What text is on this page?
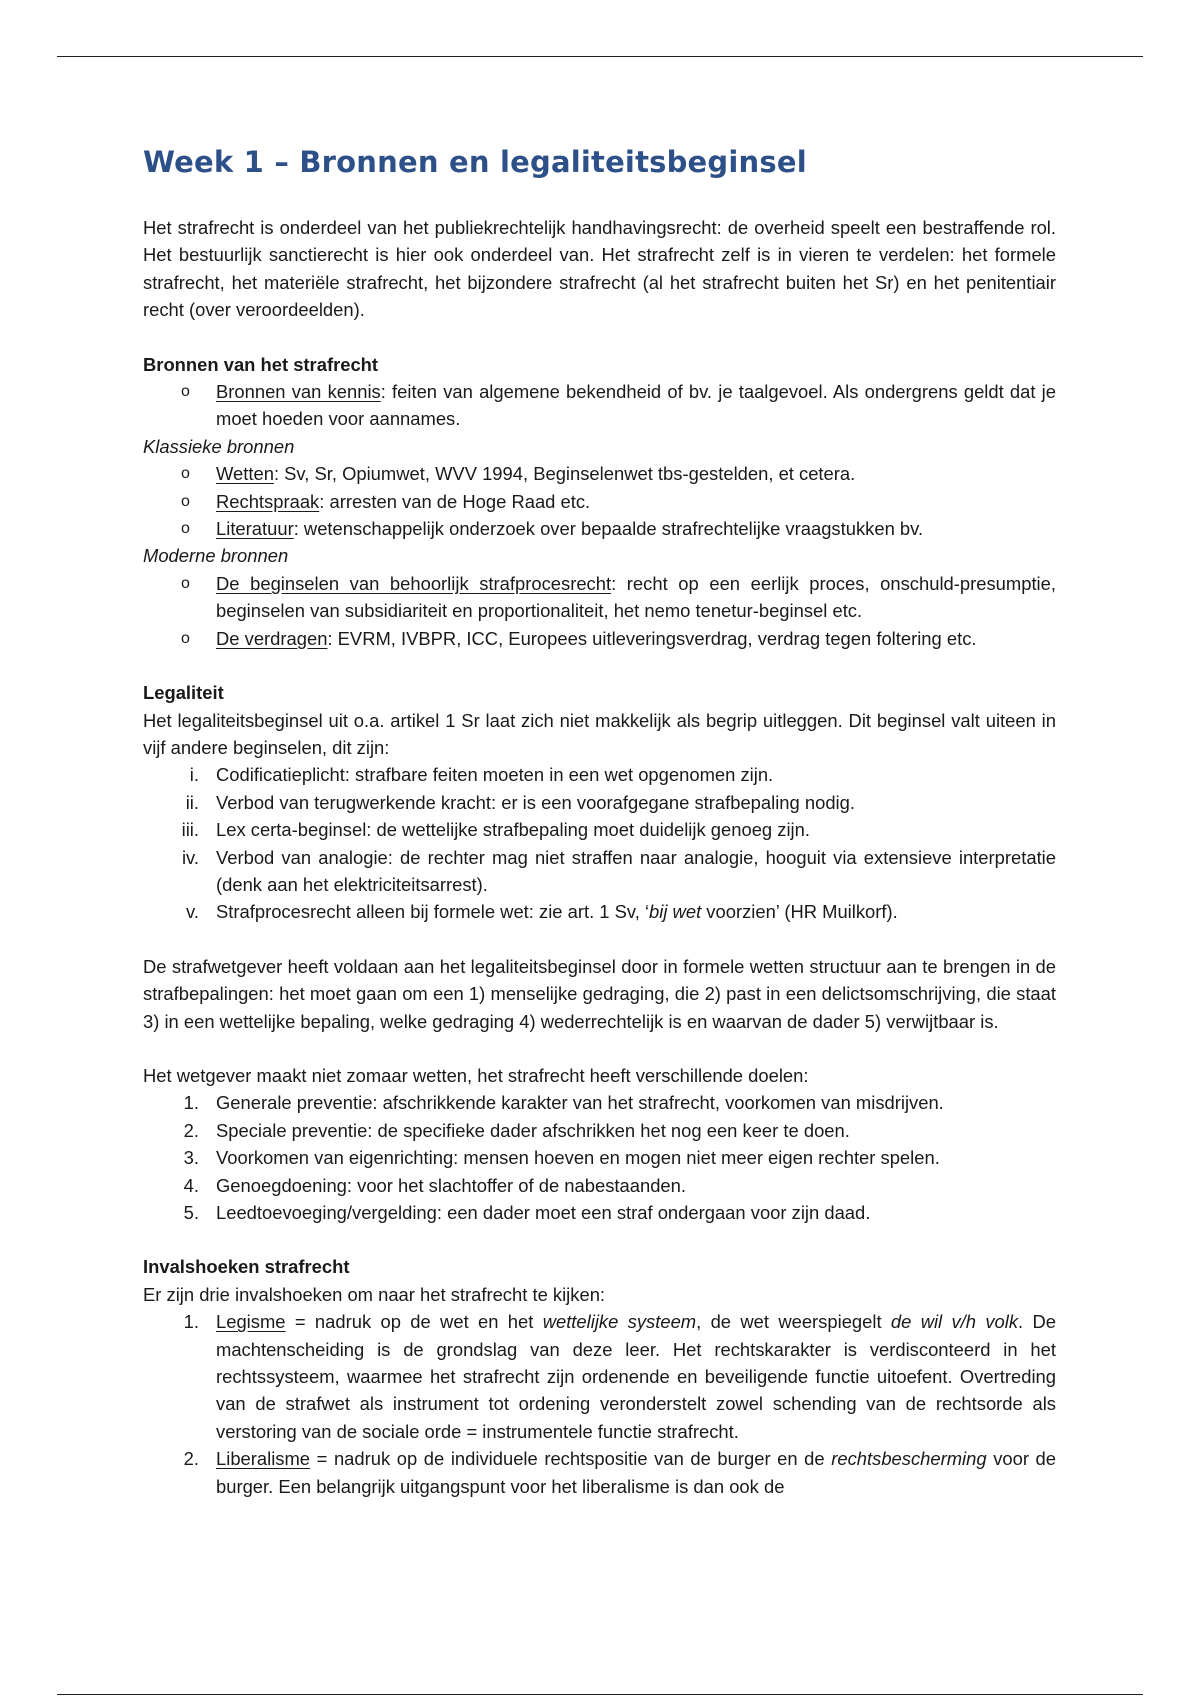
Week 1 – Bronnen en legaliteitsbeginsel

Het strafrecht is onderdeel van het publiekrechtelijk handhavingsrecht: de overheid speelt een bestraffende rol. Het bestuurlijk sanctierecht is hier ook onderdeel van. Het strafrecht zelf is in vieren te verdelen: het formele strafrecht, het materiële strafrecht, het bijzondere strafrecht (al het strafrecht buiten het Sr) en het penitentiair recht (over veroordeelden).

Bronnen van het strafrecht

o Bronnen van kennis: feiten van algemene bekendheid of bv. je taalgevoel. Als ondergrens geldt dat je moet hoeden voor aannames.

Klassieke bronnen

o Wetten: Sv, Sr, Opiumwet, WVV 1994, Beginselenwet tbs-gestelden, et cetera.
o Rechtspraak: arresten van de Hoge Raad etc.
o Literatuur: wetenschappelijk onderzoek over bepaalde strafrechtelijke vraagstukken bv.

Moderne bronnen

o De beginselen van behoorlijk strafprocesrecht: recht op een eerlijk proces, onschuld-presumptie, beginselen van subsidiariteit en proportionaliteit, het nemo tenetur-beginsel etc.
o De verdragen: EVRM, IVBPR, ICC, Europees uitleveringsverdrag, verdrag tegen foltering etc.

Legaliteit

Het legaliteitsbeginsel uit o.a. artikel 1 Sr laat zich niet makkelijk als begrip uitleggen. Dit beginsel valt uiteen in vijf andere beginselen, dit zijn:

i. Codificatieplicht: strafbare feiten moeten in een wet opgenomen zijn.
ii. Verbod van terugwerkende kracht: er is een voorafgegane strafbepaling nodig.
iii. Lex certa-beginsel: de wettelijke strafbepaling moet duidelijk genoeg zijn.
iv. Verbod van analogie: de rechter mag niet straffen naar analogie, hooguit via extensieve interpretatie (denk aan het elektriciteitsarrest).
v. Strafprocesrecht alleen bij formele wet: zie art. 1 Sv, ‘bij wet voorzien’ (HR Muilkorf).

De strafwetgever heeft voldaan aan het legaliteitsbeginsel door in formele wetten structuur aan te brengen in de strafbepalingen: het moet gaan om een 1) menselijke gedraging, die 2) past in een delictsomschrijving, die staat 3) in een wettelijke bepaling, welke gedraging 4) wederrechtelijk is en waarvan de dader 5) verwijtbaar is.

Het wetgever maakt niet zomaar wetten, het strafrecht heeft verschillende doelen:

1. Generale preventie: afschrikkende karakter van het strafrecht, voorkomen van misdrijven.
2. Speciale preventie: de specifieke dader afschrikken het nog een keer te doen.
3. Voorkomen van eigenrichting: mensen hoeven en mogen niet meer eigen rechter spelen.
4. Genoegdoening: voor het slachtoffer of de nabestaanden.
5. Leedtoevoeging/vergelding: een dader moet een straf ondergaan voor zijn daad.

Invalshoeken strafrecht

Er zijn drie invalshoeken om naar het strafrecht te kijken:

1. Legisme = nadruk op de wet en het wettelijke systeem, de wet weerspiegelt de wil v/h volk. De machtenscheiding is de grondslag van deze leer. Het rechtskarakter is verdisconteerd in het rechtssysteem, waarmee het strafrecht zijn ordenende en beveiligende functie uitoefent. Overtreding van de strafwet als instrument tot ordening veronderstelt zowel schending van de rechtsorde als verstoring van de sociale orde = instrumentele functie strafrecht.
2. Liberalisme = nadruk op de individuele rechtspositie van de burger en de rechtsbescherming voor de burger. Een belangrijk uitgangspunt voor het liberalisme is dan ook de
